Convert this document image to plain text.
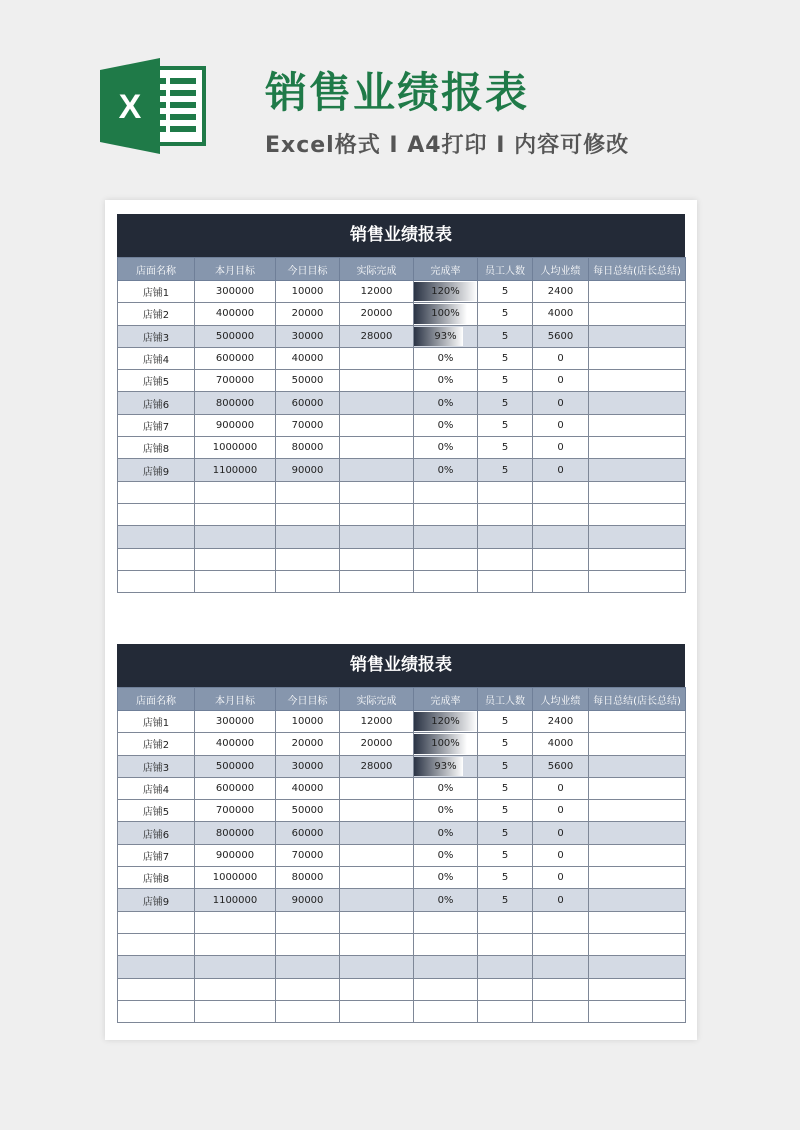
X	销售业绩报表
Excel格式 I A4打印 I 内容可修改
销售业绩报表
店面名称	本月目标	今日目标	实际完成	完成率	员工人数	人均业绩	每日总结(店长总结)
店铺1	300000	10000	12000	120%	5	2400	
店铺2	400000	20000	20000	100%	5	4000	
店铺3	500000	30000	28000	93%	5	5600	
店铺4	600000	40000		0%	5	0	
店铺5	700000	50000		0%	5	0	
店铺6	800000	60000		0%	5	0	
店铺7	900000	70000		0%	5	0	
店铺8	1000000	80000		0%	5	0	
店铺9	1100000	90000		0%	5	0	

销售业绩报表
店面名称	本月目标	今日目标	实际完成	完成率	员工人数	人均业绩	每日总结(店长总结)
店铺1	300000	10000	12000	120%	5	2400	
店铺2	400000	20000	20000	100%	5	4000	
店铺3	500000	30000	28000	93%	5	5600	
店铺4	600000	40000		0%	5	0	
店铺5	700000	50000		0%	5	0	
店铺6	800000	60000		0%	5	0	
店铺7	900000	70000		0%	5	0	
店铺8	1000000	80000		0%	5	0	
店铺9	1100000	90000		0%	5	0	
